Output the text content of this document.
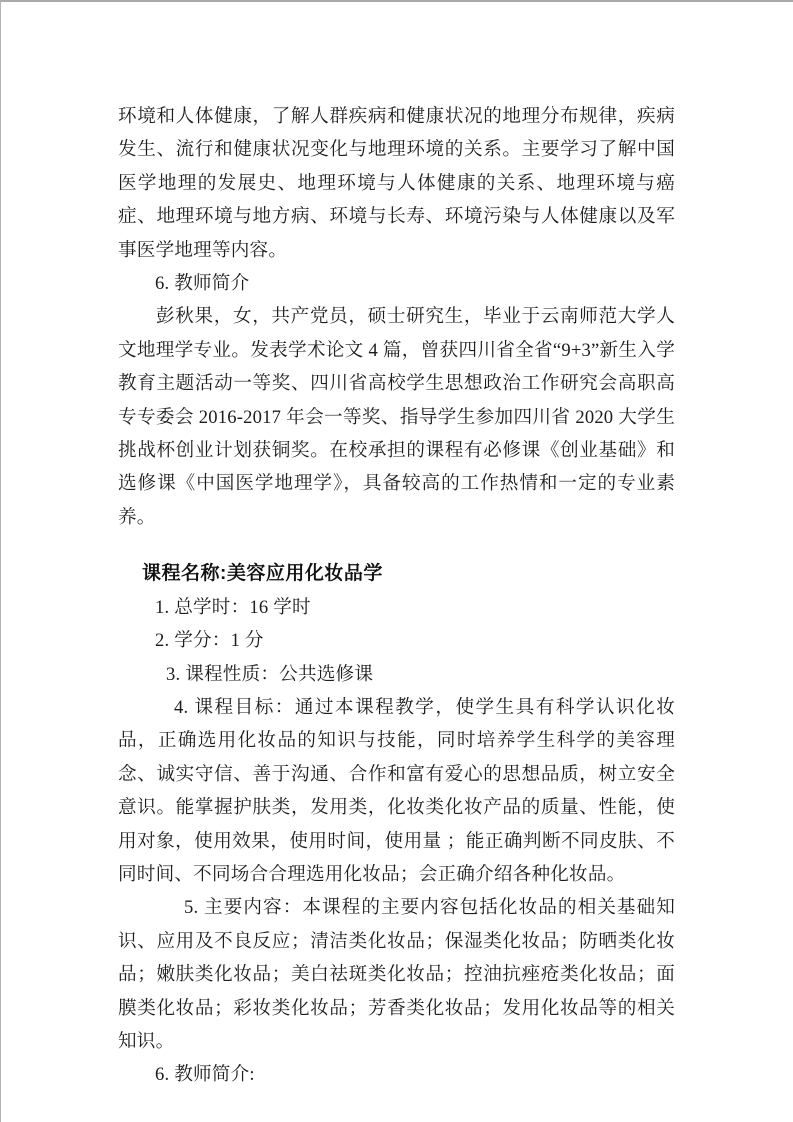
环境和人体健康，了解人群疾病和健康状况的地理分布规律，疾病发生、流行和健康状况变化与地理环境的关系。主要学习了解中国医学地理的发展史、地理环境与人体健康的关系、地理环境与癌症、地理环境与地方病、环境与长寿、环境污染与人体健康以及军事医学地理等内容。

6. 教师简介

彭秋果，女，共产党员，硕士研究生，毕业于云南师范大学人文地理学专业。发表学术论文 4 篇，曾获四川省全省“9+3”新生入学教育主题活动一等奖、四川省高校学生思想政治工作研究会高职高专专委会 2016-2017 年会一等奖、指导学生参加四川省 2020 大学生挑战杯创业计划获铜奖。在校承担的课程有必修课《创业基础》和选修课《中国医学地理学》，具备较高的工作热情和一定的专业素养。

课程名称:美容应用化妆品学

1. 总学时：16 学时

2. 学分：1 分

3. 课程性质：公共选修课

4. 课程目标：通过本课程教学，使学生具有科学认识化妆品，正确选用化妆品的知识与技能，同时培养学生科学的美容理念、诚实守信、善于沟通、合作和富有爱心的思想品质，树立安全意识。能掌握护肤类，发用类，化妆类化妆产品的质量、性能，使用对象，使用效果，使用时间，使用量 ；能正确判断不同皮肤、不同时间、不同场合合理选用化妆品；会正确介绍各种化妆品。

5. 主要内容：本课程的主要内容包括化妆品的相关基础知识、应用及不良反应；清洁类化妆品；保湿类化妆品；防晒类化妆品；嫩肤类化妆品；美白祛斑类化妆品；控油抗痤疮类化妆品；面膜类化妆品；彩妆类化妆品；芳香类化妆品；发用化妆品等的相关知识。

6. 教师简介:
